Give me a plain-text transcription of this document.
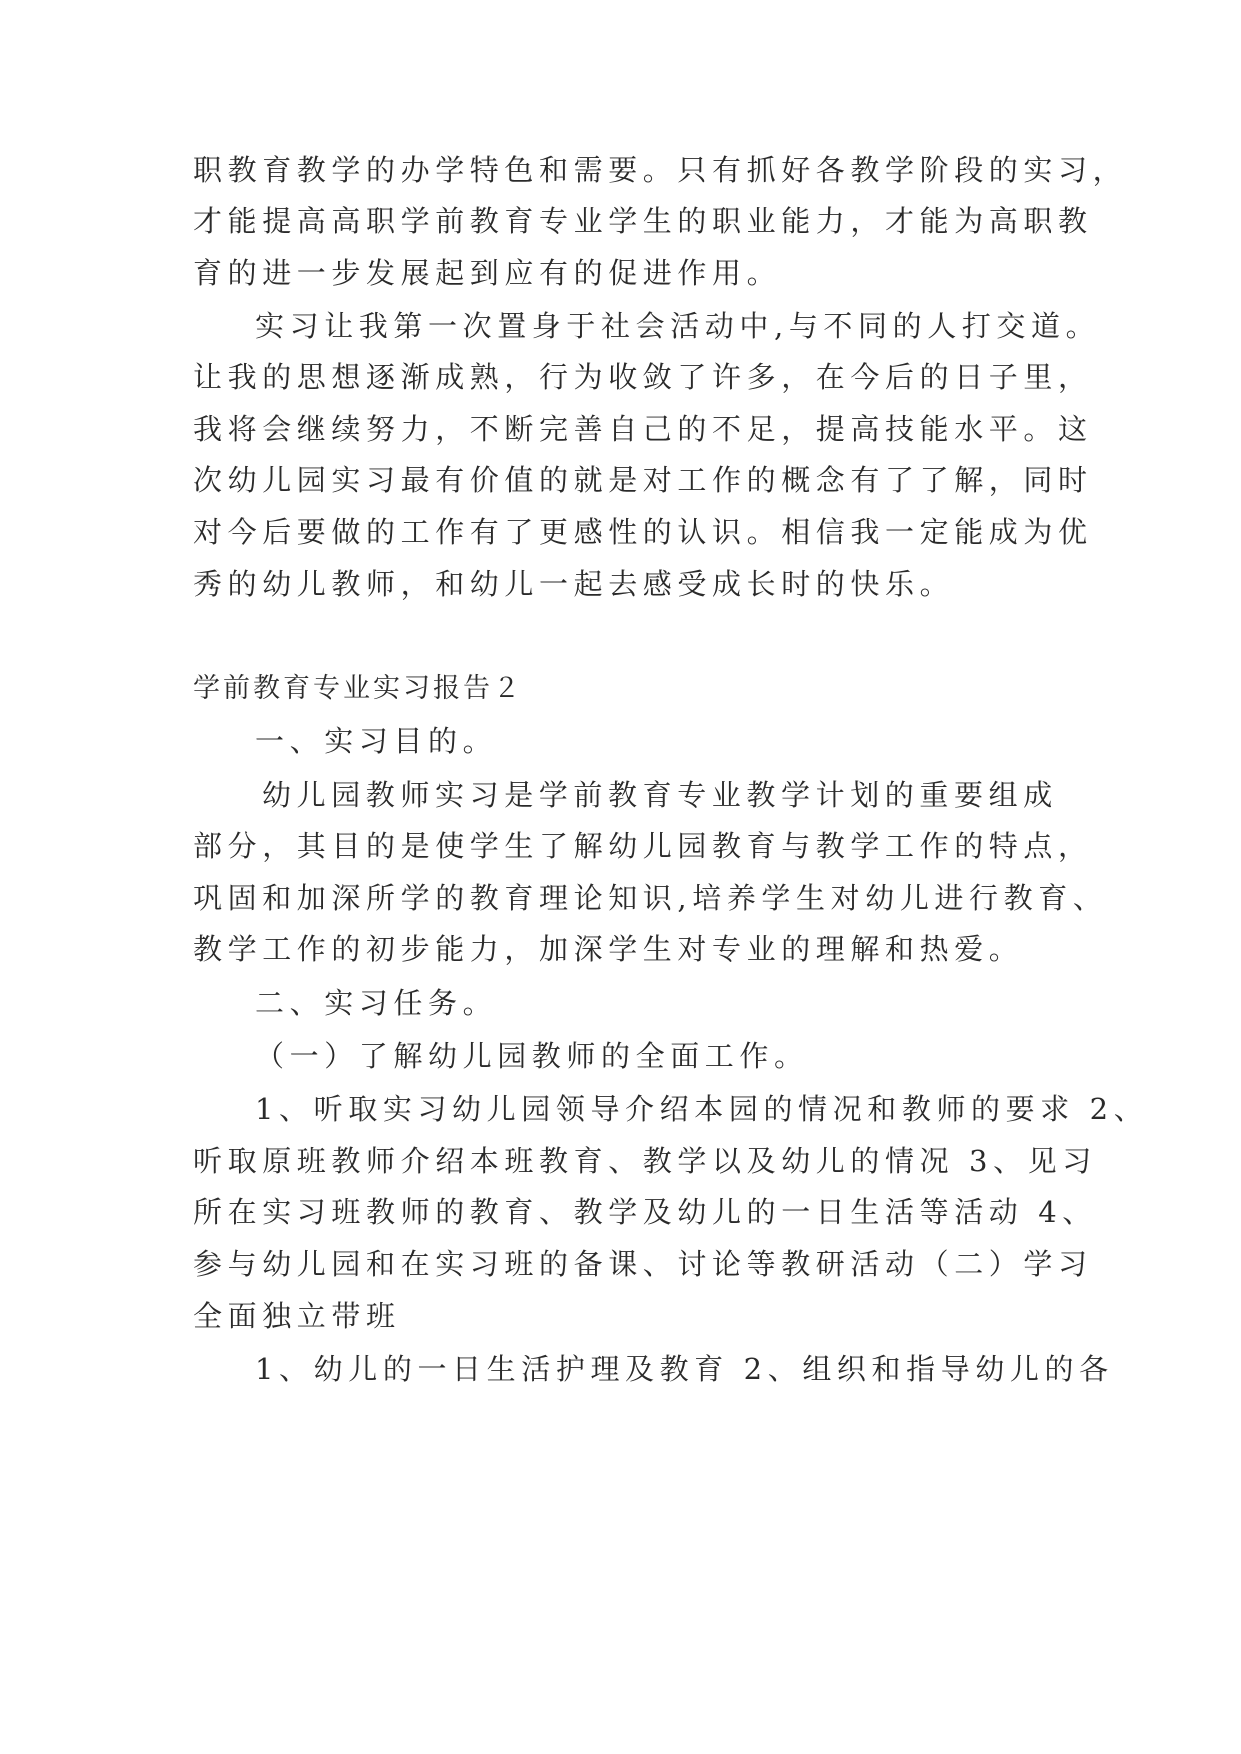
职教育教学的办学特色和需要。只有抓好各教学阶段的实习，
才能提高高职学前教育专业学生的职业能力，才能为高职教
育的进一步发展起到应有的促进作用。
实习让我第一次置身于社会活动中,与不同的人打交道。
让我的思想逐渐成熟，行为收敛了许多，在今后的日子里，
我将会继续努力，不断完善自己的不足，提高技能水平。这
次幼儿园实习最有价值的就是对工作的概念有了了解，同时
对今后要做的工作有了更感性的认识。相信我一定能成为优
秀的幼儿教师，和幼儿一起去感受成长时的快乐。
学前教育专业实习报告２
一、实习目的。
幼儿园教师实习是学前教育专业教学计划的重要组成
部分，其目的是使学生了解幼儿园教育与教学工作的特点，
巩固和加深所学的教育理论知识,培养学生对幼儿进行教育、
教学工作的初步能力，加深学生对专业的理解和热爱。
二、实习任务。
（一）了解幼儿园教师的全面工作。
1、听取实习幼儿园领导介绍本园的情况和教师的要求 2、
听取原班教师介绍本班教育、教学以及幼儿的情况 3、见习
所在实习班教师的教育、教学及幼儿的一日生活等活动 4、
参与幼儿园和在实习班的备课、讨论等教研活动（二）学习
全面独立带班
1、幼儿的一日生活护理及教育 2、组织和指导幼儿的各
